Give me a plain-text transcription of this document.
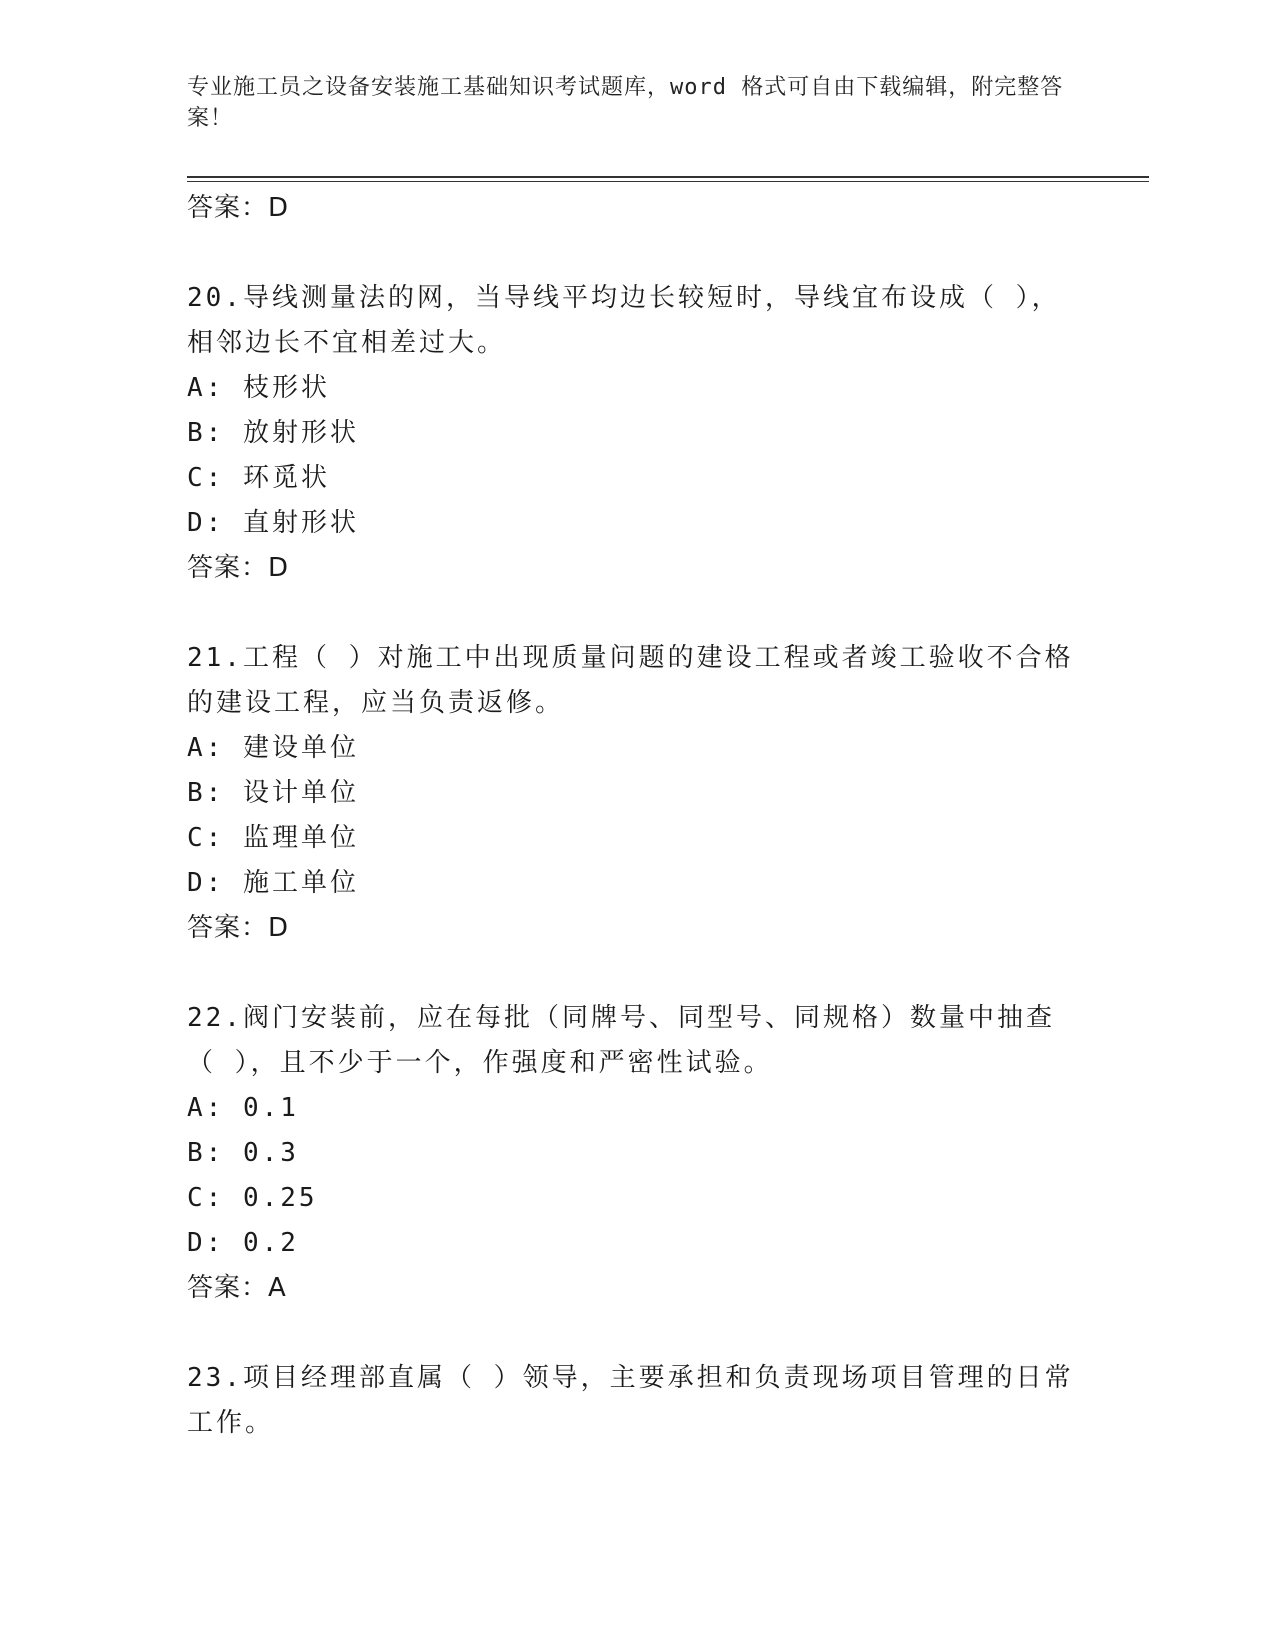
专业施工员之设备安装施工基础知识考试题库，word 格式可自由下载编辑，附完整答案！
答案：D
20.导线测量法的网，当导线平均边长较短时，导线宜布设成（ ），相邻边长不宜相差过大。
A: 枝形状
B: 放射形状
C: 环觅状
D: 直射形状
答案：D
21.工程（ ）对施工中出现质量问题的建设工程或者竣工验收不合格的建设工程，应当负责返修。
A: 建设单位
B: 设计单位
C: 监理单位
D: 施工单位
答案：D
22.阀门安装前，应在每批（同牌号、同型号、同规格）数量中抽查（ ），且不少于一个，作强度和严密性试验。
A: 0.1
B: 0.3
C: 0.25
D: 0.2
答案：A
23.项目经理部直属（ ）领导，主要承担和负责现场项目管理的日常工作。
